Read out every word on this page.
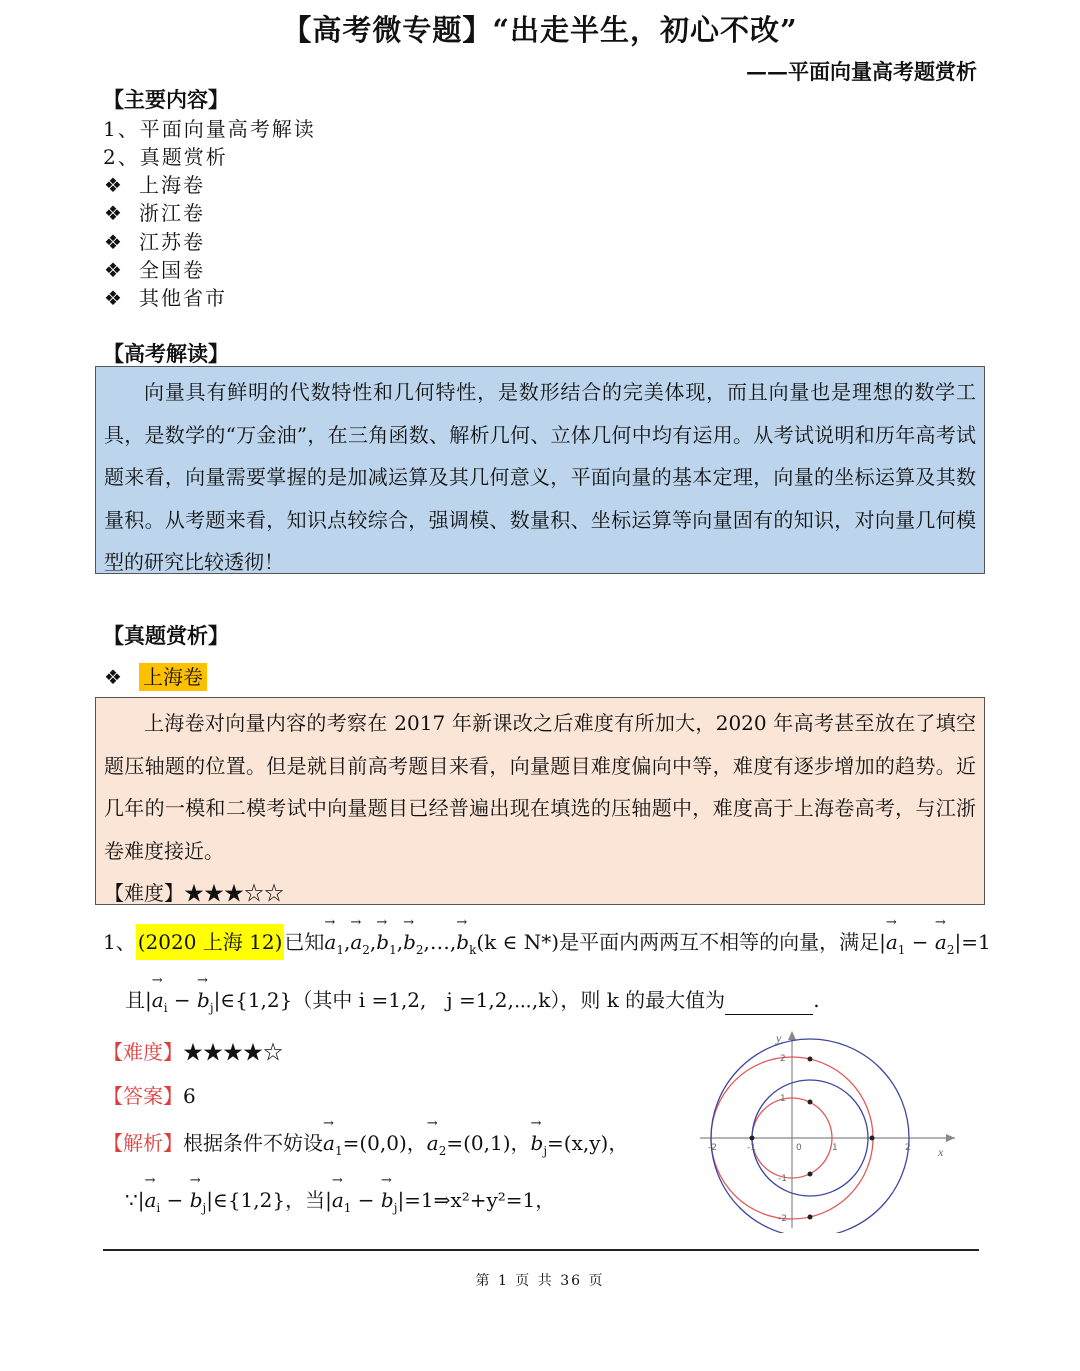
【高考微专题】“出走半生，初心不改”
——平面向量高考题赏析
【主要内容】
1、平面向量高考解读
2、真题赏析
❖ 上海卷
❖ 浙江卷
❖ 江苏卷
❖ 全国卷
❖ 其他省市
【高考解读】
向量具有鲜明的代数特性和几何特性，是数形结合的完美体现，而且向量也是理想的数学工具，是数学的“万金油”，在三角函数、解析几何、立体几何中均有运用。从考试说明和历年高考试题来看，向量需要掌握的是加减运算及其几何意义，平面向量的基本定理，向量的坐标运算及其数量积。从考题来看，知识点较综合，强调模、数量积、坐标运算等向量固有的知识，对向量几何模型的研究比较透彻！
【真题赏析】
❖ 上海卷
上海卷对向量内容的考察在 2017 年新课改之后难度有所加大，2020 年高考甚至放在了填空题压轴题的位置。但是就目前高考题目来看，向量题目难度偏向中等，难度有逐步增加的趋势。近几年的一模和二模考试中向量题目已经普遍出现在填选的压轴题中，难度高于上海卷高考，与江浙卷难度接近。
【难度】★★★☆☆
1、 (2020 上海 12) 已知→ $a_1,\to a_2,\to b_1,\to$ $b_2,\dots,\to b_k(k$ ∈ N*)是平面内两两互不相等的向量，满足|→ $a_1$ − → $a_2|=1$
且|→ $a_i$ − → $b_j|\in\{1,2\}$（其中 i =1,2,　j =1,2,⋯,k），则 k 的最大值为	.
【难度】★★★★☆
【答案】6
【解析】根据条件不妨设→ $a_1=(0,0)$，→ $a_2=(0,1)$，→ $b_j=(x,y)$，
∵|→ $a_i$ − → $b_j|\in\{1,2\}$，当|→ $a_1$ − → $b_j|=1\Rightarrow x^2+y^2=1$，
y
x
-2	-1	0	1	2
2
1
-1
-2
第 1 页 共 36 页
